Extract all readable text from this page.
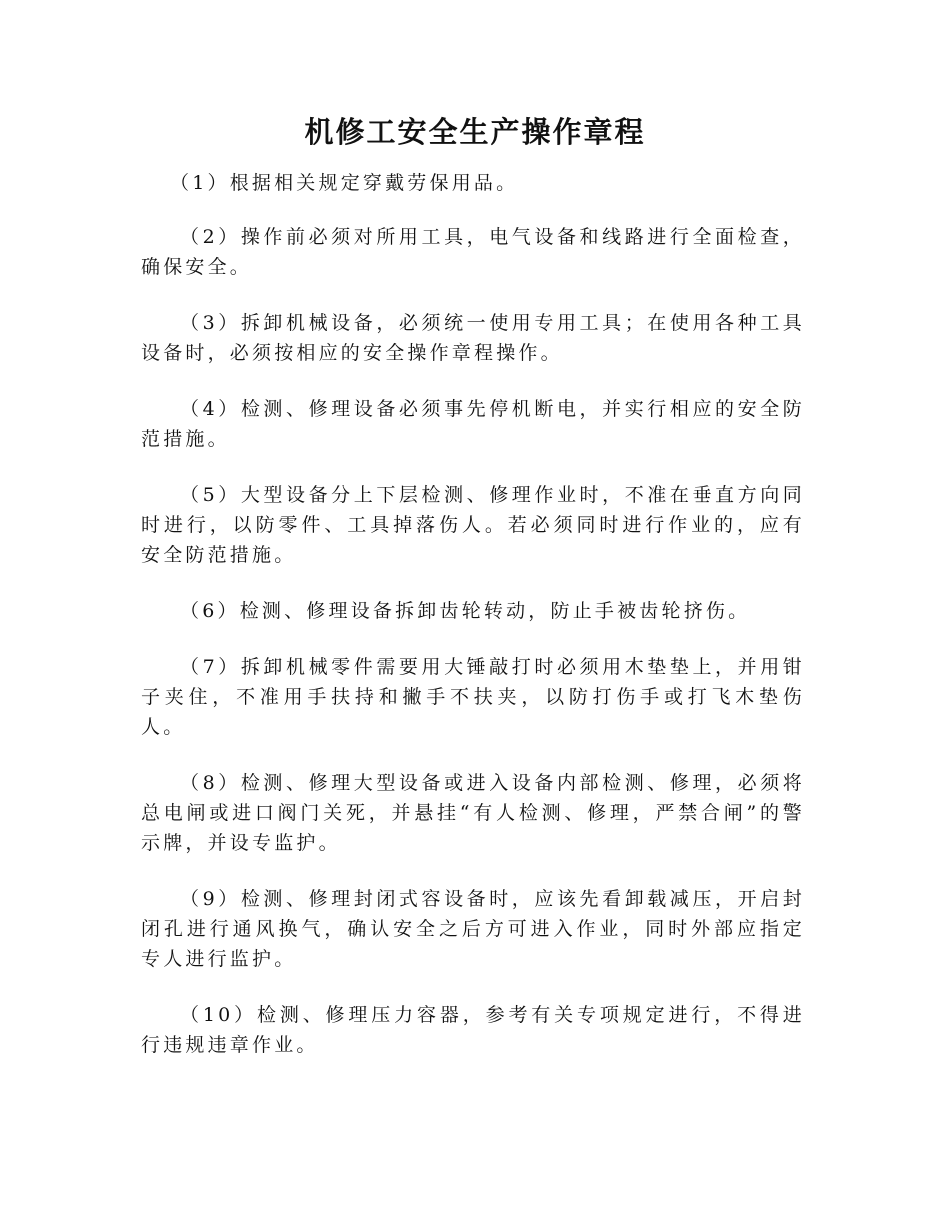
机修工安全生产操作章程

（1）根据相关规定穿戴劳保用品。

（2）操作前必须对所用工具，电气设备和线路进行全面检查，确保安全。

（3）拆卸机械设备，必须统一使用专用工具；在使用各种工具设备时，必须按相应的安全操作章程操作。

（4）检测、修理设备必须事先停机断电，并实行相应的安全防范措施。

（5）大型设备分上下层检测、修理作业时，不准在垂直方向同时进行，以防零件、工具掉落伤人。若必须同时进行作业的，应有安全防范措施。

（6）检测、修理设备拆卸齿轮转动，防止手被齿轮挤伤。

（7）拆卸机械零件需要用大锤敲打时必须用木垫垫上，并用钳子夹住，不准用手扶持和撇手不扶夹，以防打伤手或打飞木垫伤人。

（8）检测、修理大型设备或进入设备内部检测、修理，必须将总电闸或进口阀门关死，并悬挂“有人检测、修理，严禁合闸”的警示牌，并设专监护。

（9）检测、修理封闭式容设备时，应该先看卸载减压，开启封闭孔进行通风换气，确认安全之后方可进入作业，同时外部应指定专人进行监护。

（10）检测、修理压力容器，参考有关专项规定进行，不得进行违规违章作业。
